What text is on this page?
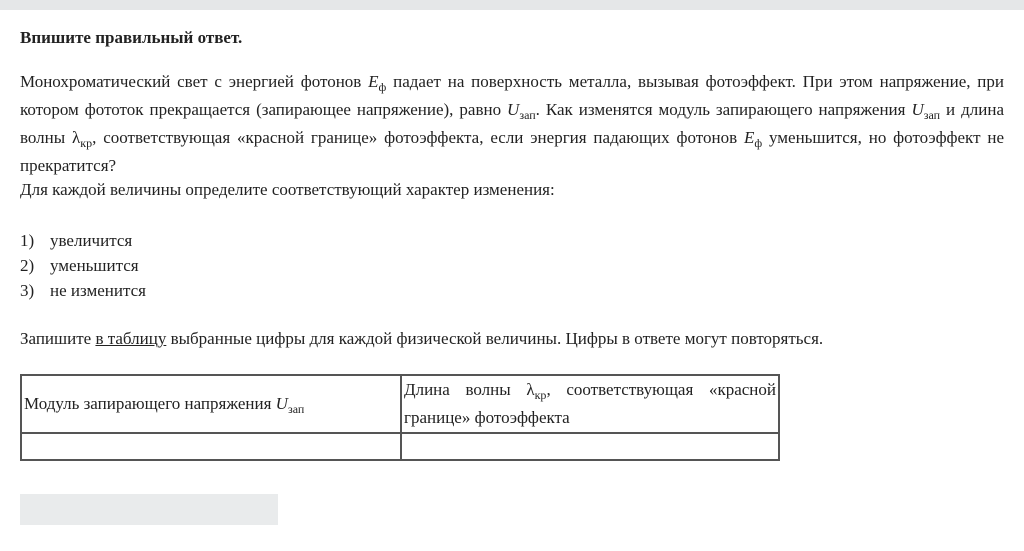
Впишите правильный ответ.

Монохроматический свет с энергией фотонов $E_ф$ падает на поверхность металла, вызывая фотоэффект. При этом напряжение, при котором фототок прекращается (запирающее напряжение), равно $U_{зап}$. Как изменятся модуль запирающего напряжения $U_{зап}$ и длина волны $\lambda_{кр}$, соответствующая «красной границе» фотоэффекта, если энергия падающих фотонов $E_ф$ уменьшится, но фотоэффект не прекратится?
Для каждой величины определите соответствующий характер изменения:
1) увеличится
2) уменьшится
3) не изменится
Запишите в таблицу выбранные цифры для каждой физической величины. Цифры в ответе могут повторяться.
Модуль запирающего напряжения $U_{зап}$	Длина волны $\lambda_{кр}$, соответствующая «красной границе» фотоэффекта
